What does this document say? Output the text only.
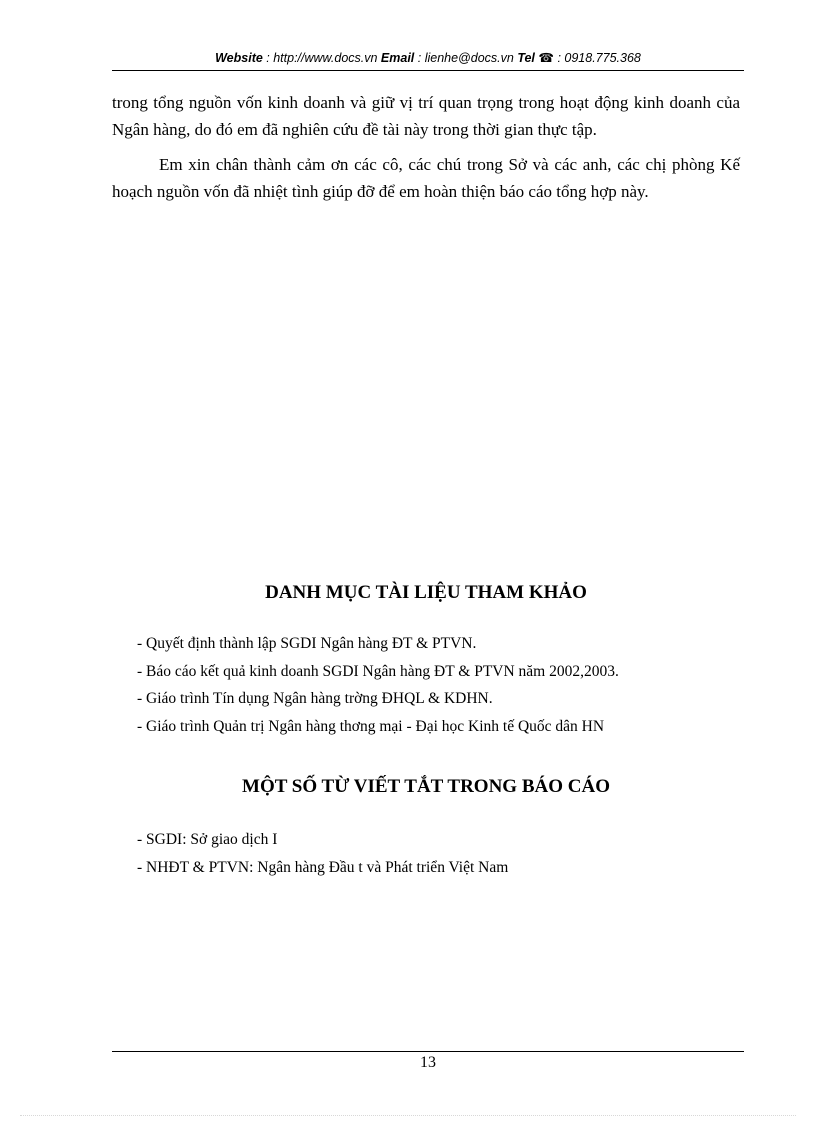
Website : http://www.docs.vn Email : lienhe@docs.vn Tel ☎ : 0918.775.368

trong tổng nguồn vốn kinh doanh và giữ vị trí quan trọng trong hoạt động kinh doanh của Ngân hàng, do đó em đã nghiên cứu đề tài này trong thời gian thực tập.

Em xin chân thành cảm ơn các cô, các chú trong Sở và các anh, các chị phòng Kế hoạch nguồn vốn đã nhiệt tình giúp đỡ để em hoàn thiện báo cáo tổng hợp này.

DANH MỤC TÀI LIỆU THAM KHẢO
- Quyết định thành lập SGDI Ngân hàng ĐT & PTVN.
- Báo cáo kết quả kinh doanh SGDI Ngân hàng ĐT & PTVN năm 2002,2003.
- Giáo trình Tín dụng Ngân hàng trờng ĐHQL & KDHN.
- Giáo trình Quản trị Ngân hàng thơng mại - Đại học Kinh tế Quốc dân HN
MỘT SỐ TỪ VIẾT TẮT TRONG BÁO CÁO
- SGDI: Sở giao dịch I
- NHĐT & PTVN: Ngân hàng Đầu t và Phát triển Việt Nam
13
